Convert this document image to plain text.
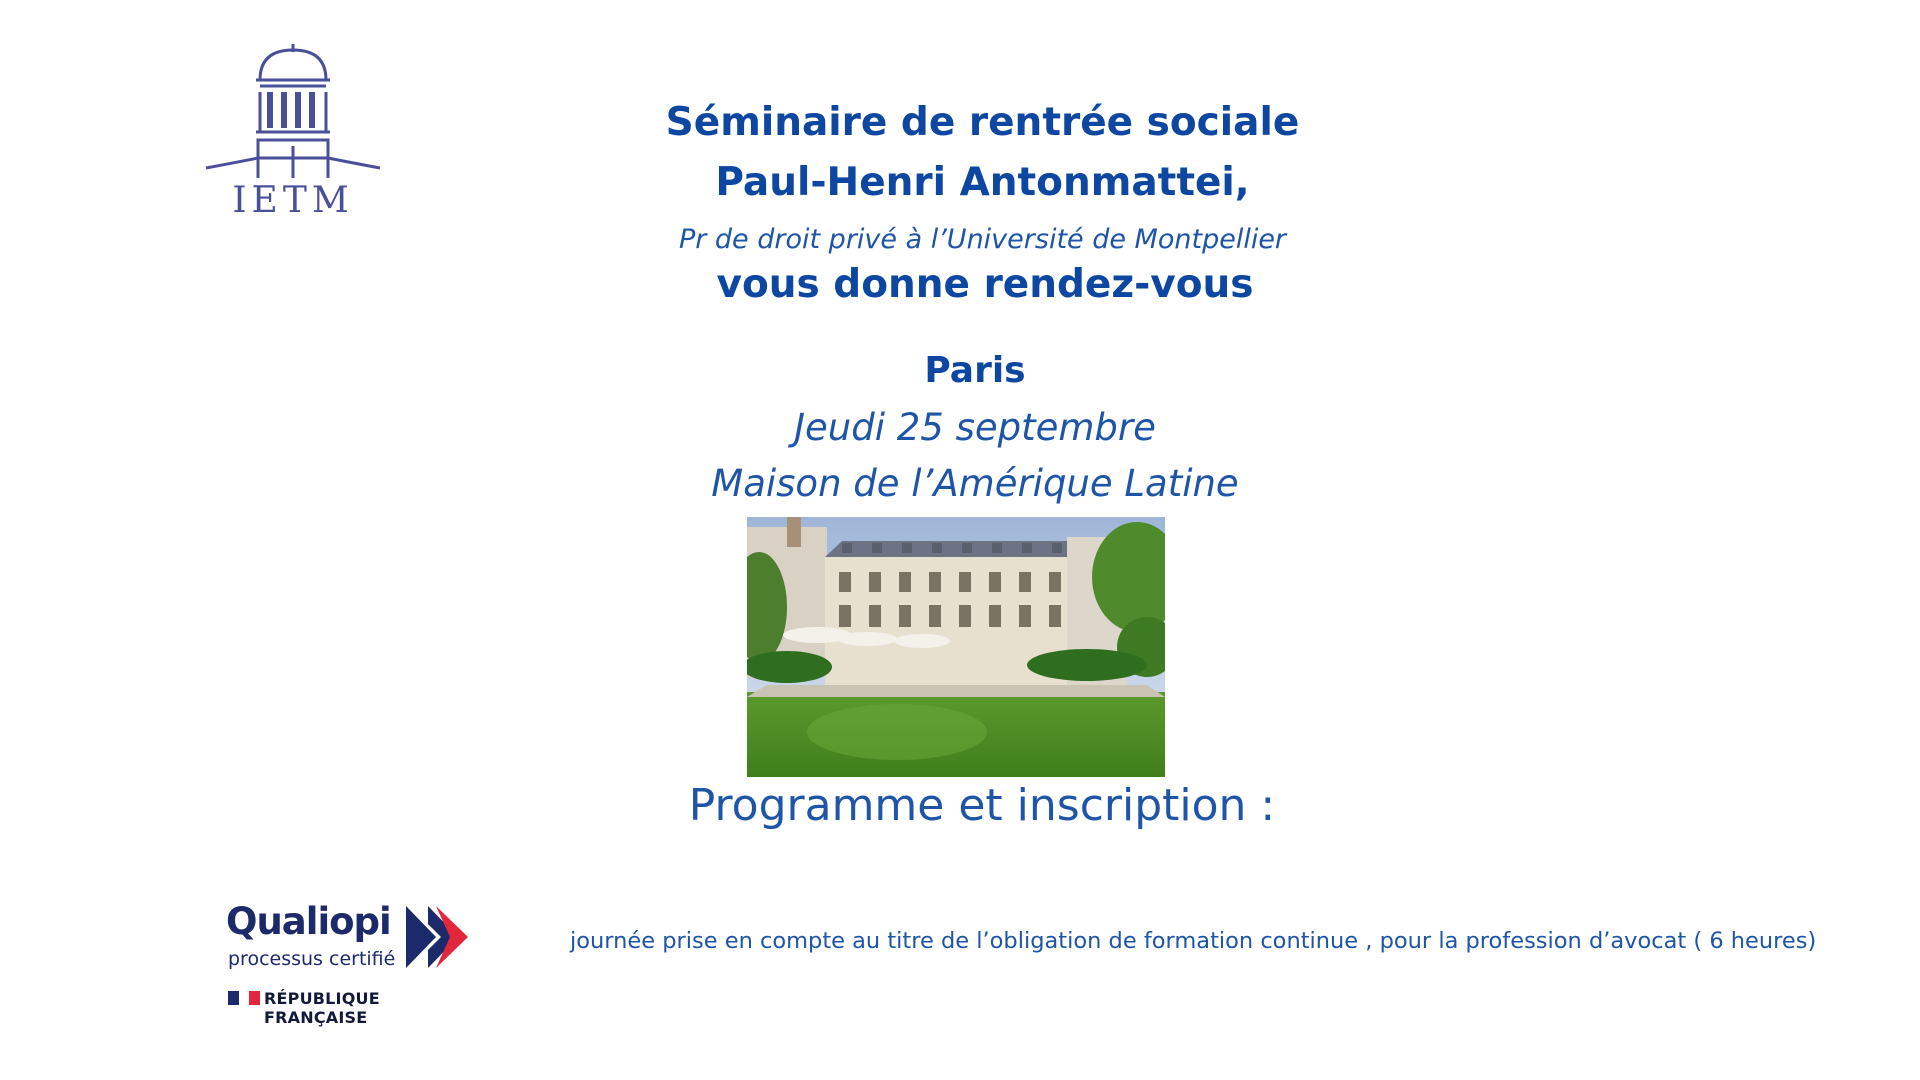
IETM
Séminaire de rentrée sociale
Paul-Henri Antonmattei,
Pr de droit privé à l’Université de Montpellier
vous donne rendez-vous
Paris
Jeudi 25 septembre
Maison de l’Amérique Latine
Programme et inscription :
Qualiopi
processus certifié
RÉPUBLIQUE FRANÇAISE
journée prise en compte au titre de l’obligation de formation continue , pour la profession d’avocat ( 6 heures)
